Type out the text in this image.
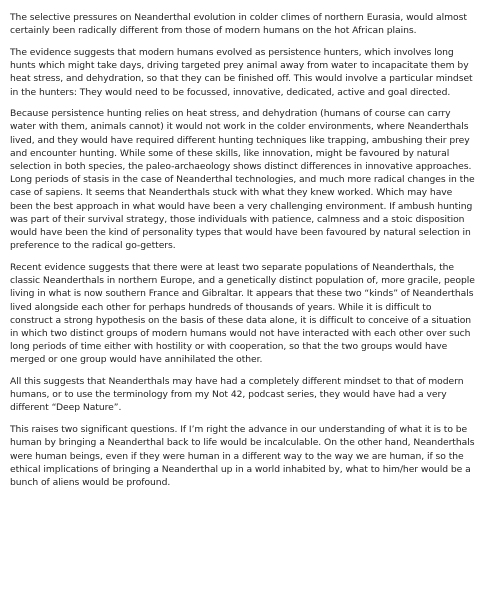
The selective pressures on Neanderthal evolution in colder climes of northern Eurasia, would almost certainly been radically different from those of modern humans on the hot African plains.

The evidence suggests that modern humans evolved as persistence hunters, which involves long hunts which might take days, driving targeted prey animal away from water to incapacitate them by heat stress, and dehydration, so that they can be finished off. This would involve a particular mindset in the hunters: They would need to be focussed, innovative, dedicated, active and goal directed.

Because persistence hunting relies on heat stress, and dehydration (humans of course can carry water with them, animals cannot) it would not work in the colder environments, where Neanderthals lived, and they would have required different hunting techniques like trapping, ambushing their prey and encounter hunting. While some of these skills, like innovation, might be favoured by natural selection in both species, the paleo-archaeology shows distinct differences in innovative approaches. Long periods of stasis in the case of Neanderthal technologies, and much more radical changes in the case of sapiens. It seems that Neanderthals stuck with what they knew worked. Which may have been the best approach in what would have been a very challenging environment. If ambush hunting was part of their survival strategy, those individuals with patience, calmness and a stoic disposition would have been the kind of personality types that would have been favoured by natural selection in preference to the radical go-getters.

Recent evidence suggests that there were at least two separate populations of Neanderthals, the classic Neanderthals in northern Europe, and a genetically distinct population of, more gracile, people living in what is now southern France and Gibraltar. It appears that these two “kinds” of Neanderthals lived alongside each other for perhaps hundreds of thousands of years. While it is difficult to construct a strong hypothesis on the basis of these data alone, it is difficult to conceive of a situation in which two distinct groups of modern humans would not have interacted with each other over such long periods of time either with hostility or with cooperation, so that the two groups would have merged or one group would have annihilated the other.

All this suggests that Neanderthals may have had a completely different mindset to that of modern humans, or to use the terminology from my Not 42, podcast series, they would have had a very different “Deep Nature”.

This raises two significant questions. If I’m right the advance in our understanding of what it is to be human by bringing a Neanderthal back to life would be incalculable. On the other hand, Neanderthals were human beings, even if they were human in a different way to the way we are human, if so the ethical implications of bringing a Neanderthal up in a world inhabited by, what to him/her would be a bunch of aliens would be profound.
